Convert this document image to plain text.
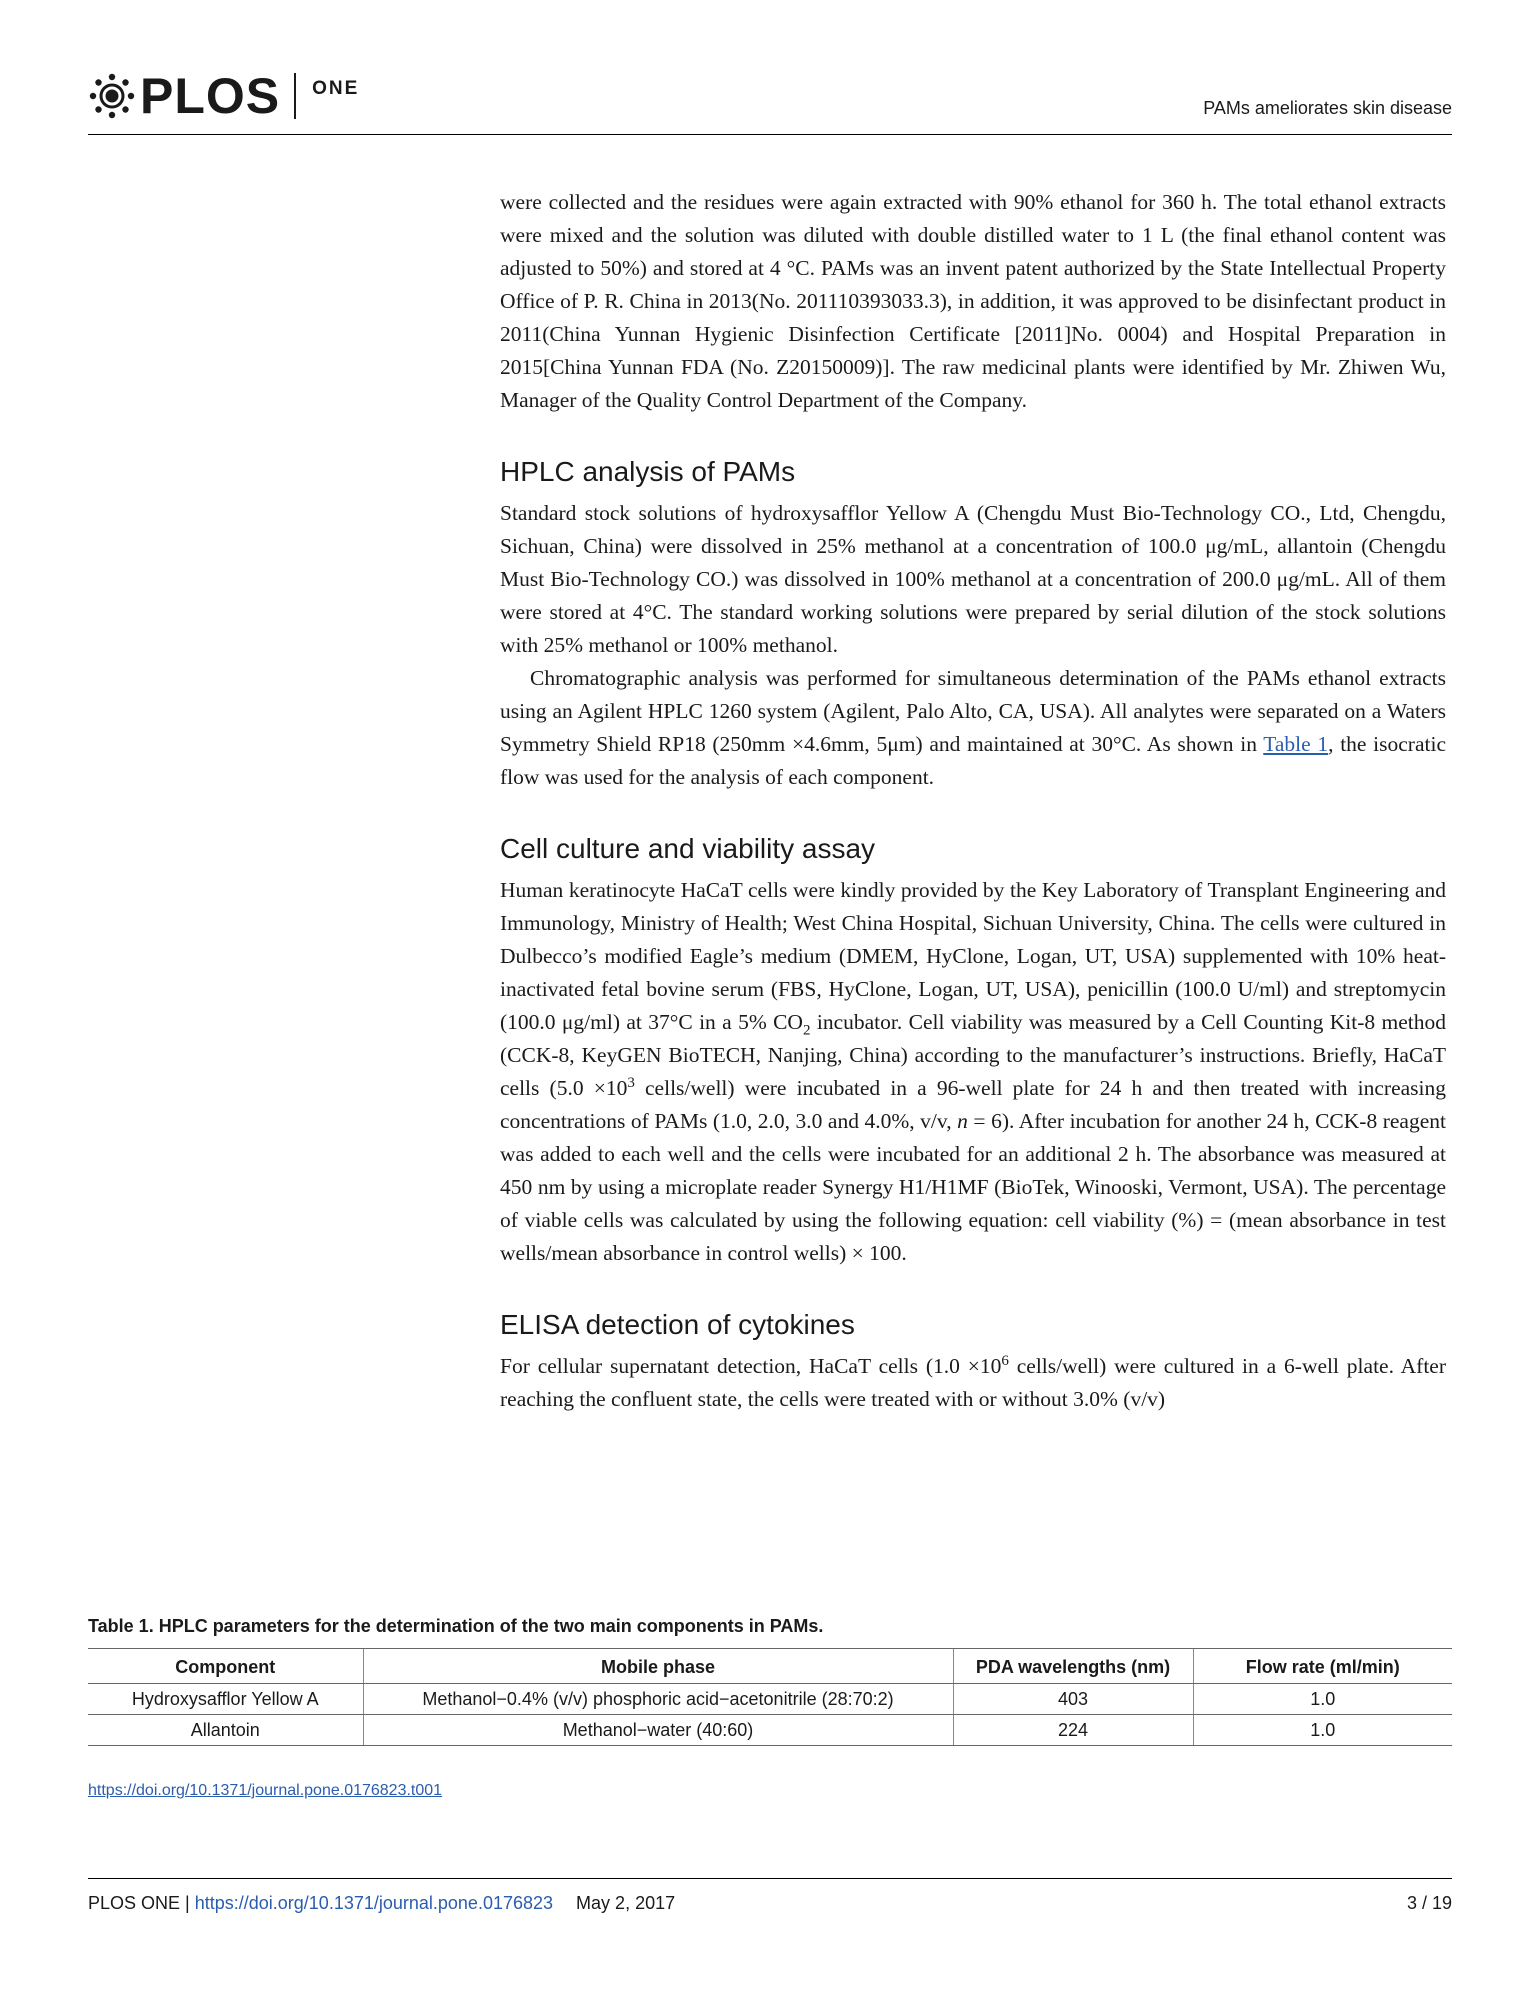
PLOS ONE
PAMs ameliorates skin disease

were collected and the residues were again extracted with 90% ethanol for 360 h. The total ethanol extracts were mixed and the solution was diluted with double distilled water to 1 L (the final ethanol content was adjusted to 50%) and stored at 4 °C. PAMs was an invent patent authorized by the State Intellectual Property Office of P. R. China in 2013(No. 201110393033.3), in addition, it was approved to be disinfectant product in 2011(China Yunnan Hygienic Disinfection Certificate [2011]No. 0004) and Hospital Preparation in 2015[China Yunnan FDA (No. Z20150009)]. The raw medicinal plants were identified by Mr. Zhiwen Wu, Manager of the Quality Control Department of the Company.

HPLC analysis of PAMs

Standard stock solutions of hydroxysafflor Yellow A (Chengdu Must Bio-Technology CO., Ltd, Chengdu, Sichuan, China) were dissolved in 25% methanol at a concentration of 100.0 μg/mL, allantoin (Chengdu Must Bio-Technology CO.) was dissolved in 100% methanol at a concentration of 200.0 μg/mL. All of them were stored at 4°C. The standard working solutions were prepared by serial dilution of the stock solutions with 25% methanol or 100% methanol.

Chromatographic analysis was performed for simultaneous determination of the PAMs ethanol extracts using an Agilent HPLC 1260 system (Agilent, Palo Alto, CA, USA). All analytes were separated on a Waters Symmetry Shield RP18 (250mm ×4.6mm, 5μm) and maintained at 30°C. As shown in Table 1, the isocratic flow was used for the analysis of each component.

Cell culture and viability assay

Human keratinocyte HaCaT cells were kindly provided by the Key Laboratory of Transplant Engineering and Immunology, Ministry of Health; West China Hospital, Sichuan University, China. The cells were cultured in Dulbecco’s modified Eagle’s medium (DMEM, HyClone, Logan, UT, USA) supplemented with 10% heat-inactivated fetal bovine serum (FBS, HyClone, Logan, UT, USA), penicillin (100.0 U/ml) and streptomycin (100.0 μg/ml) at 37°C in a 5% $CO_2$ incubator. Cell viability was measured by a Cell Counting Kit-8 method (CCK-8, KeyGEN BioTECH, Nanjing, China) according to the manufacturer’s instructions. Briefly, HaCaT cells ($5.0 \times 10^3$ cells/well) were incubated in a 96-well plate for 24 h and then treated with increasing concentrations of PAMs (1.0, 2.0, 3.0 and 4.0%, v/v, n = 6). After incubation for another 24 h, CCK-8 reagent was added to each well and the cells were incubated for an additional 2 h. The absorbance was measured at 450 nm by using a microplate reader Synergy H1/H1MF (BioTek, Winooski, Vermont, USA). The percentage of viable cells was calculated by using the following equation: cell viability (%) = (mean absorbance in test wells/mean absorbance in control wells) × 100.

ELISA detection of cytokines

For cellular supernatant detection, HaCaT cells ($1.0 \times 10^6$ cells/well) were cultured in a 6-well plate. After reaching the confluent state, the cells were treated with or without 3.0% (v/v)

Table 1. HPLC parameters for the determination of the two main components in PAMs.
Component	Mobile phase	PDA wavelengths (nm)	Flow rate (ml/min)
Hydroxysafflor Yellow A	Methanol−0.4% (v/v) phosphoric acid−acetonitrile (28:70:2)	403	1.0
Allantoin	Methanol−water (40:60)	224	1.0
https://doi.org/10.1371/journal.pone.0176823.t001
PLOS ONE | https://doi.org/10.1371/journal.pone.0176823 May 2, 2017	3 / 19
